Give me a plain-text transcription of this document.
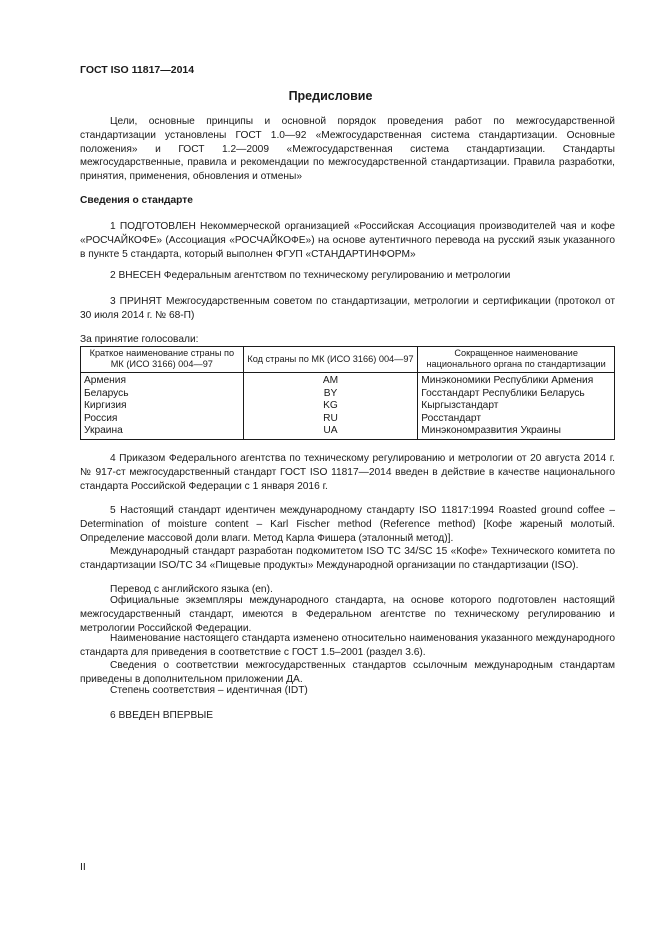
ГОСТ ISO 11817—2014
Предисловие
Цели, основные принципы и основной порядок проведения работ по межгосударственной стандартизации установлены ГОСТ 1.0—92 «Межгосударственная система стандартизации. Основные положения» и ГОСТ 1.2—2009 «Межгосударственная система стандартизации. Стандарты межгосударственные, правила и рекомендации по межгосударственной стандартизации. Правила разработки, принятия, применения, обновления и отмены»
Сведения о стандарте
1 ПОДГОТОВЛЕН Некоммерческой организацией «Российская Ассоциация производителей чая и кофе «РОСЧАЙКОФЕ» (Ассоциация «РОСЧАЙКОФЕ») на основе аутентичного перевода на русский язык указанного в пункте 5 стандарта, который выполнен ФГУП «СТАНДАРТИНФОРМ»
2 ВНЕСЕН Федеральным агентством по техническому регулированию и метрологии
3 ПРИНЯТ Межгосударственным советом по стандартизации, метрологии и сертификации (протокол от 30 июля 2014 г. № 68-П)
За принятие голосовали:
Краткое наименование страны по МК (ИСО 3166) 004—97	Код страны по МК (ИСО 3166) 004—97	Сокращенное наименование национального органа по стандартизации
Армения	AM	Минэкономики Республики Армения
Беларусь	BY	Госстандарт Республики Беларусь
Киргизия	KG	Кыргызстандарт
Россия	RU	Росстандарт
Украина	UA	Минэкономразвития Украины
4 Приказом Федерального агентства по техническому регулированию и метрологии от 20 августа 2014 г. № 917-ст межгосударственный стандарт ГОСТ ISO 11817—2014 введен в действие в качестве национального стандарта Российской Федерации с 1 января 2016 г.
5 Настоящий стандарт идентичен международному стандарту ISO 11817:1994 Roasted ground coffee – Determination of moisture content – Karl Fischer method (Reference method) [Кофе жареный молотый. Определение массовой доли влаги. Метод Карла Фишера (эталонный метод)].
Международный стандарт разработан подкомитетом ISO TC 34/SC 15 «Кофе» Технического комитета по стандартизации ISO/TC 34 «Пищевые продукты» Международной организации по стандартизации (ISO).
Перевод с английского языка (en).
Официальные экземпляры международного стандарта, на основе которого подготовлен настоящий межгосударственный стандарт, имеются в Федеральном агентстве по техническому регулированию и метрологии Российской Федерации.
Наименование настоящего стандарта изменено относительно наименования указанного международного стандарта для приведения в соответствие с ГОСТ 1.5–2001 (раздел 3.6).
Сведения о соответствии межгосударственных стандартов ссылочным международным стандартам приведены в дополнительном приложении ДА.
Степень соответствия – идентичная (IDT)
6 ВВЕДЕН ВПЕРВЫЕ
II
